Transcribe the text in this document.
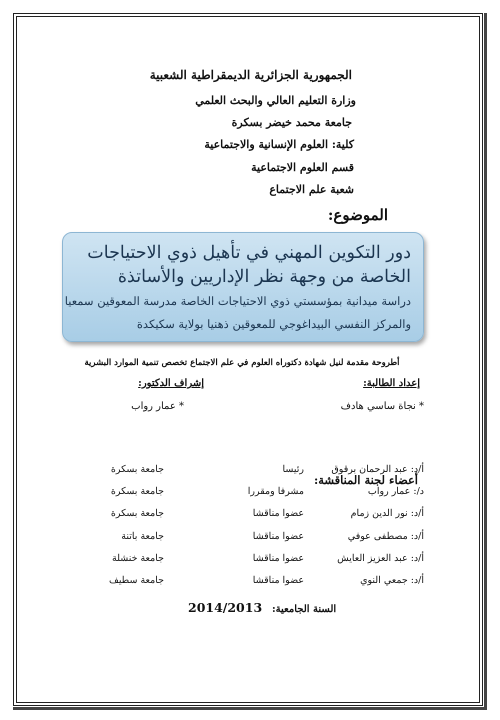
الجمهورية الجزائرية الديمقراطية الشعبية
وزارة التعليم العالي والبحث العلمي
جامعة محمد خيضر بسكرة
كلية: العلوم الإنسانية والاجتماعية
قسم العلوم الاجتماعية
شعبة علم الاجتماع
الموضوع:
دور التكوين المهني في تأهيل ذوي الاحتياجات
الخاصة من وجهة نظر الإداريين والأساتذة
دراسة ميدانية بمؤسستي ذوي الاحتياجات الخاصة مدرسة المعوقين سمعيا
والمركز النفسي البيداغوجي للمعوقين ذهنيا بولاية سكيكدة
أطروحة مقدمة لنيل شهادة دكتوراه العلوم في علم الاجتماع تخصص تنمية الموارد البشرية
إعداد الطالبة:
* نجاة ساسي هادف
إشراف الدكتور:
* عمار رواب
أعضاء لجنة المناقشة:
أ/د: عبد الرحمان برقوق
رئيسا
جامعة بسكرة
د/: عمار رواب
مشرفا ومقررا
جامعة بسكرة
أ/د: نور الدين زمام
عضوا مناقشا
جامعة بسكرة
أ/د: مصطفى عوفي
عضوا مناقشا
جامعة باتنة
أ/د: عبد العزيز العايش
عضوا مناقشا
جامعة خنشلة
أ/د: جمعي النوي
عضوا مناقشا
جامعة سطيف
السنة الجامعية: 2014/2013
